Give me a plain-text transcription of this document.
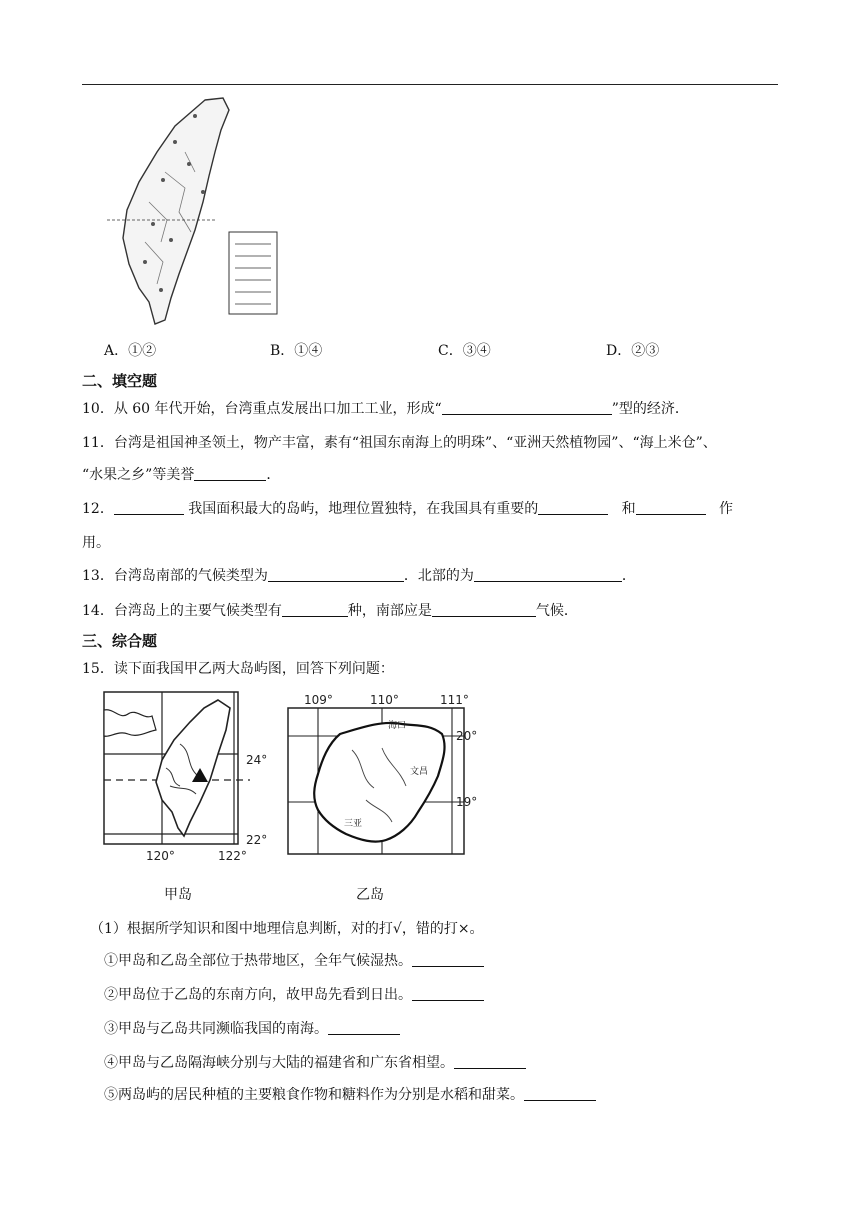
A．①②	B．①④	C．③④	D．②③
二、填空题
10．从 60 年代开始，台湾重点发展出口加工工业，形成“	”型的经济．
11．台湾是祖国神圣领土，物产丰富，素有“祖国东南海上的明珠”、“亚洲天然植物园”、“海上米仓”、
“水果之乡”等美誉	．
12．	我国面积最大的岛屿，地理位置独特，在我国具有重要的	和	作
用。
13．台湾岛南部的气候类型为	．北部的为	．
14．台湾岛上的主要气候类型有	种，南部应是	气候．
三、综合题
15．读下面我国甲乙两大岛屿图，回答下列问题：
24°
22°
120°	122°
甲岛
109°	110°	111°
20°
19°
海口
文昌
三亚
乙岛
（1）根据所学知识和图中地理信息判断，对的打√，错的打×。
①甲岛和乙岛全部位于热带地区，全年气候湿热。
②甲岛位于乙岛的东南方向，故甲岛先看到日出。
③甲岛与乙岛共同濒临我国的南海。
④甲岛与乙岛隔海峡分别与大陆的福建省和广东省相望。
⑤两岛屿的居民种植的主要粮食作物和糖料作为分别是水稻和甜菜。
